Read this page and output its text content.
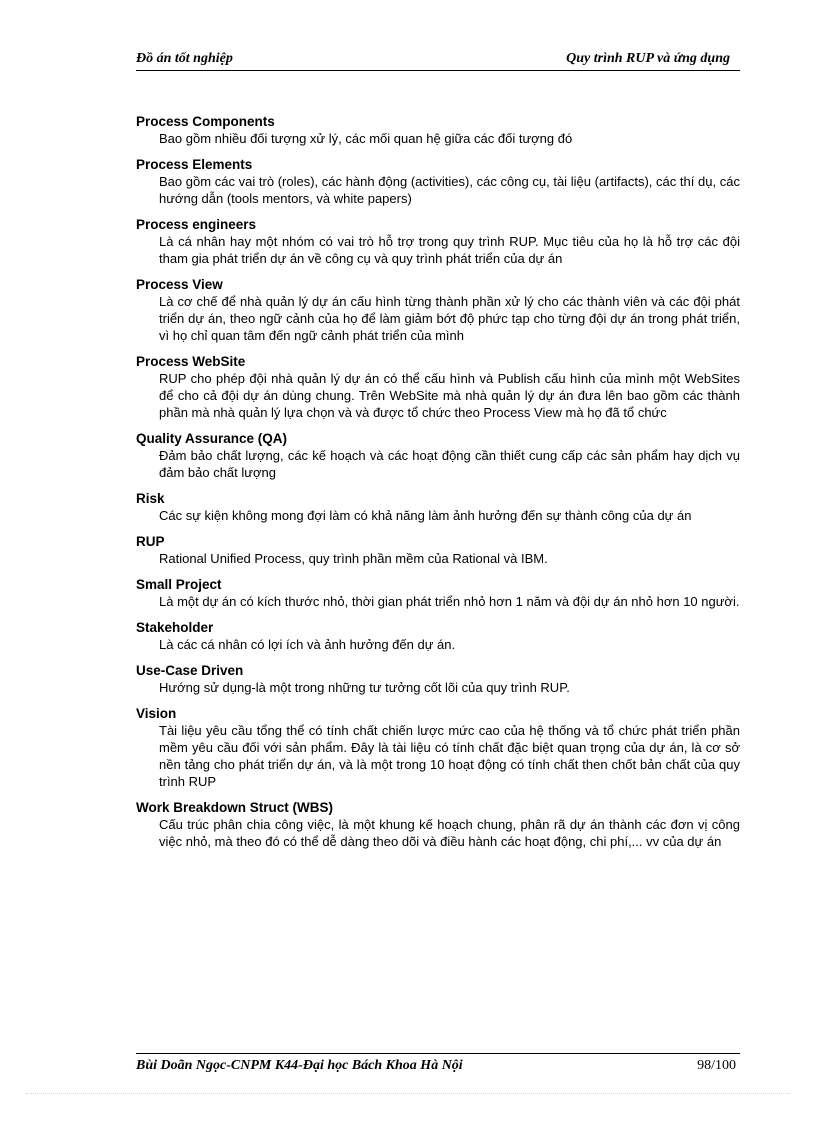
Đồ án tốt nghiệp	Quy trình RUP và ứng dụng
Process Components
Bao gồm nhiều đối tượng xử lý, các mối quan hệ giữa các đối tượng đó
Process Elements
Bao gồm các vai trò (roles), các hành động (activities), các công cụ, tài liệu (artifacts), các thí dụ, các hướng dẫn (tools mentors, và white papers)
Process engineers
Là cá nhân hay một nhóm có vai trò hỗ trợ trong quy trình RUP. Mục tiêu của họ là hỗ trợ các đội tham gia phát triển dự án về công cụ và quy trình phát triển của dự án
Process View
Là cơ chế để nhà quản lý dự án cấu hình từng thành phần xử lý cho các thành viên và các đội phát triển dự án, theo ngữ cảnh của họ để làm giảm bớt độ phức tạp cho từng đội dự án trong phát triển, vì họ chỉ quan tâm đến ngữ cảnh phát triển của mình
Process WebSite
RUP cho phép đội nhà quản lý dự án có thể cấu hình và Publish cấu hình của mình một WebSites để cho cả đội dự án dùng chung. Trên WebSite mà nhà quản lý dự án đưa lên bao gồm các thành phần mà nhà quản lý lựa chọn và và được tổ chức theo Process View mà họ đã tổ chức
Quality Assurance (QA)
Đảm bảo chất lượng, các kế hoạch và các hoạt động cần thiết cung cấp các sản phẩm hay dịch vụ đảm bảo chất lượng
Risk
Các sự kiện không mong đợi làm có khả năng làm ảnh hưởng đến sự thành công của dự án
RUP
Rational Unified Process, quy trình phần mềm của Rational và IBM.
Small Project
Là một dự án có kích thước nhỏ, thời gian phát triển nhỏ hơn 1 năm và đội dự án nhỏ hơn 10 người.
Stakeholder
Là các cá nhân có lợi ích và ảnh hưởng đến dự án.
Use-Case Driven
Hướng sử dụng-là một trong những tư tưởng cốt lõi của quy trình RUP.
Vision
Tài liệu yêu cầu tổng thể có tính chất chiến lược mức cao của hệ thống và tổ chức phát triển phần mềm yêu cầu đối với sản phẩm. Đây là tài liệu có tính chất đặc biệt quan trọng của dự án, là cơ sở nền tảng cho phát triển dự án, và là một trong 10 hoạt động có tính chất then chốt bản chất của quy trình RUP
Work Breakdown Struct (WBS)
Cấu trúc phân chia công việc, là một khung kế hoạch chung, phân rã dự án thành các đơn vị công việc nhỏ, mà theo đó có thể dễ dàng theo dõi và điều hành các hoạt động, chi phí,... vv của dự án
Bùi Doãn Ngọc-CNPM K44-Đại học Bách Khoa Hà Nội	98/100
